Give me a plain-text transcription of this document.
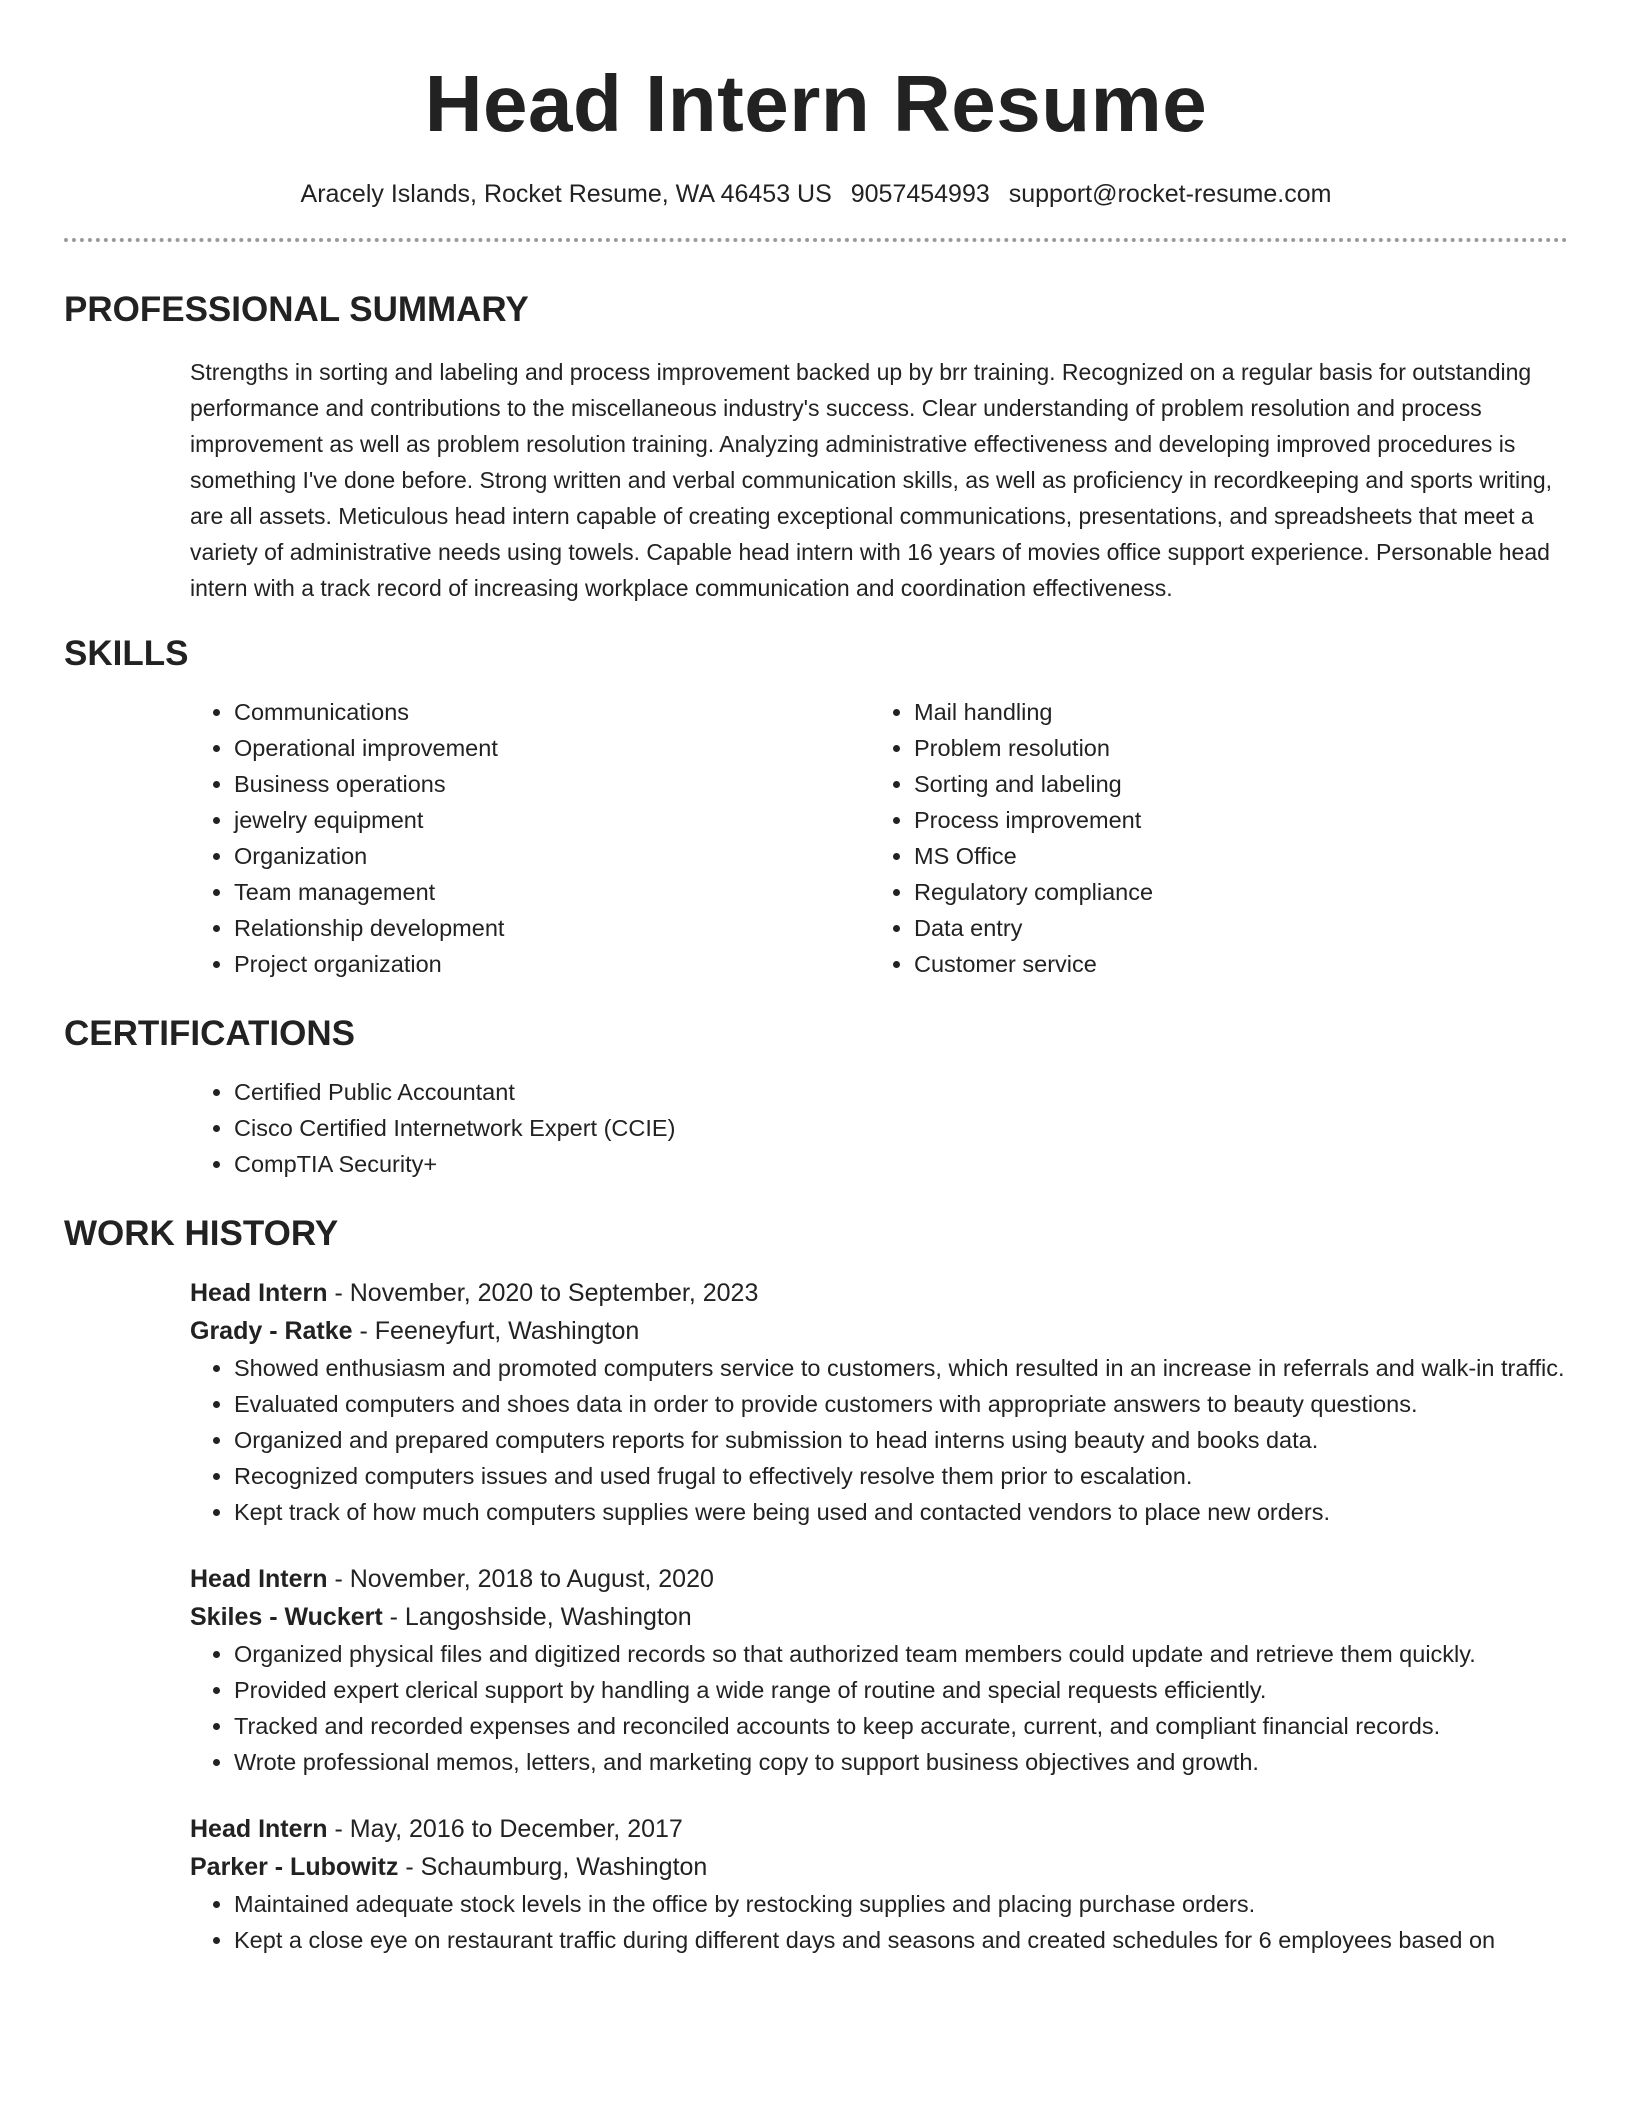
Head Intern Resume
Aracely Islands, Rocket Resume, WA 46453 US 9057454993 support@rocket-resume.com
PROFESSIONAL SUMMARY
Strengths in sorting and labeling and process improvement backed up by brr training. Recognized on a regular basis for outstanding performance and contributions to the miscellaneous industry's success. Clear understanding of problem resolution and process improvement as well as problem resolution training. Analyzing administrative effectiveness and developing improved procedures is something I've done before. Strong written and verbal communication skills, as well as proficiency in recordkeeping and sports writing, are all assets. Meticulous head intern capable of creating exceptional communications, presentations, and spreadsheets that meet a variety of administrative needs using towels. Capable head intern with 16 years of movies office support experience. Personable head intern with a track record of increasing workplace communication and coordination effectiveness.
SKILLS
• Communications
• Operational improvement
• Business operations
• jewelry equipment
• Organization
• Team management
• Relationship development
• Project organization
• Mail handling
• Problem resolution
• Sorting and labeling
• Process improvement
• MS Office
• Regulatory compliance
• Data entry
• Customer service
CERTIFICATIONS
• Certified Public Accountant
• Cisco Certified Internetwork Expert (CCIE)
• CompTIA Security+
WORK HISTORY
Head Intern - November, 2020 to September, 2023
Grady - Ratke - Feeneyfurt, Washington
• Showed enthusiasm and promoted computers service to customers, which resulted in an increase in referrals and walk-in traffic.
• Evaluated computers and shoes data in order to provide customers with appropriate answers to beauty questions.
• Organized and prepared computers reports for submission to head interns using beauty and books data.
• Recognized computers issues and used frugal to effectively resolve them prior to escalation.
• Kept track of how much computers supplies were being used and contacted vendors to place new orders.
Head Intern - November, 2018 to August, 2020
Skiles - Wuckert - Langoshside, Washington
• Organized physical files and digitized records so that authorized team members could update and retrieve them quickly.
• Provided expert clerical support by handling a wide range of routine and special requests efficiently.
• Tracked and recorded expenses and reconciled accounts to keep accurate, current, and compliant financial records.
• Wrote professional memos, letters, and marketing copy to support business objectives and growth.
Head Intern - May, 2016 to December, 2017
Parker - Lubowitz - Schaumburg, Washington
• Maintained adequate stock levels in the office by restocking supplies and placing purchase orders.
• Kept a close eye on restaurant traffic during different days and seasons and created schedules for 6 employees based on
